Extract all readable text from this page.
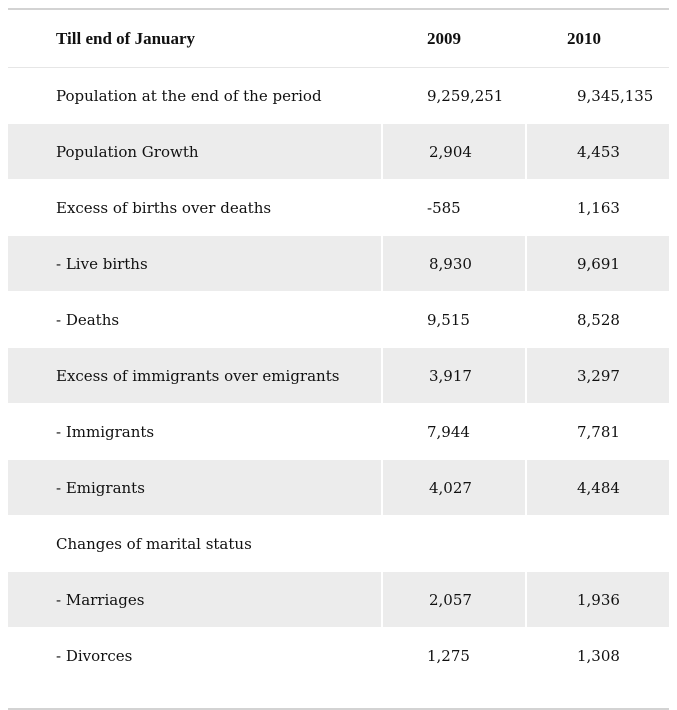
Till end of January	2009	2010
Population at the end of the period	9,259,251	9,345,135
Population Growth	2,904	4,453
Excess of births over deaths	-585	1,163
- Live births	8,930	9,691
- Deaths	9,515	8,528
Excess of immigrants over emigrants	3,917	3,297
- Immigrants	7,944	7,781
- Emigrants	4,027	4,484
Changes of marital status		
- Marriages	2,057	1,936
- Divorces	1,275	1,308
